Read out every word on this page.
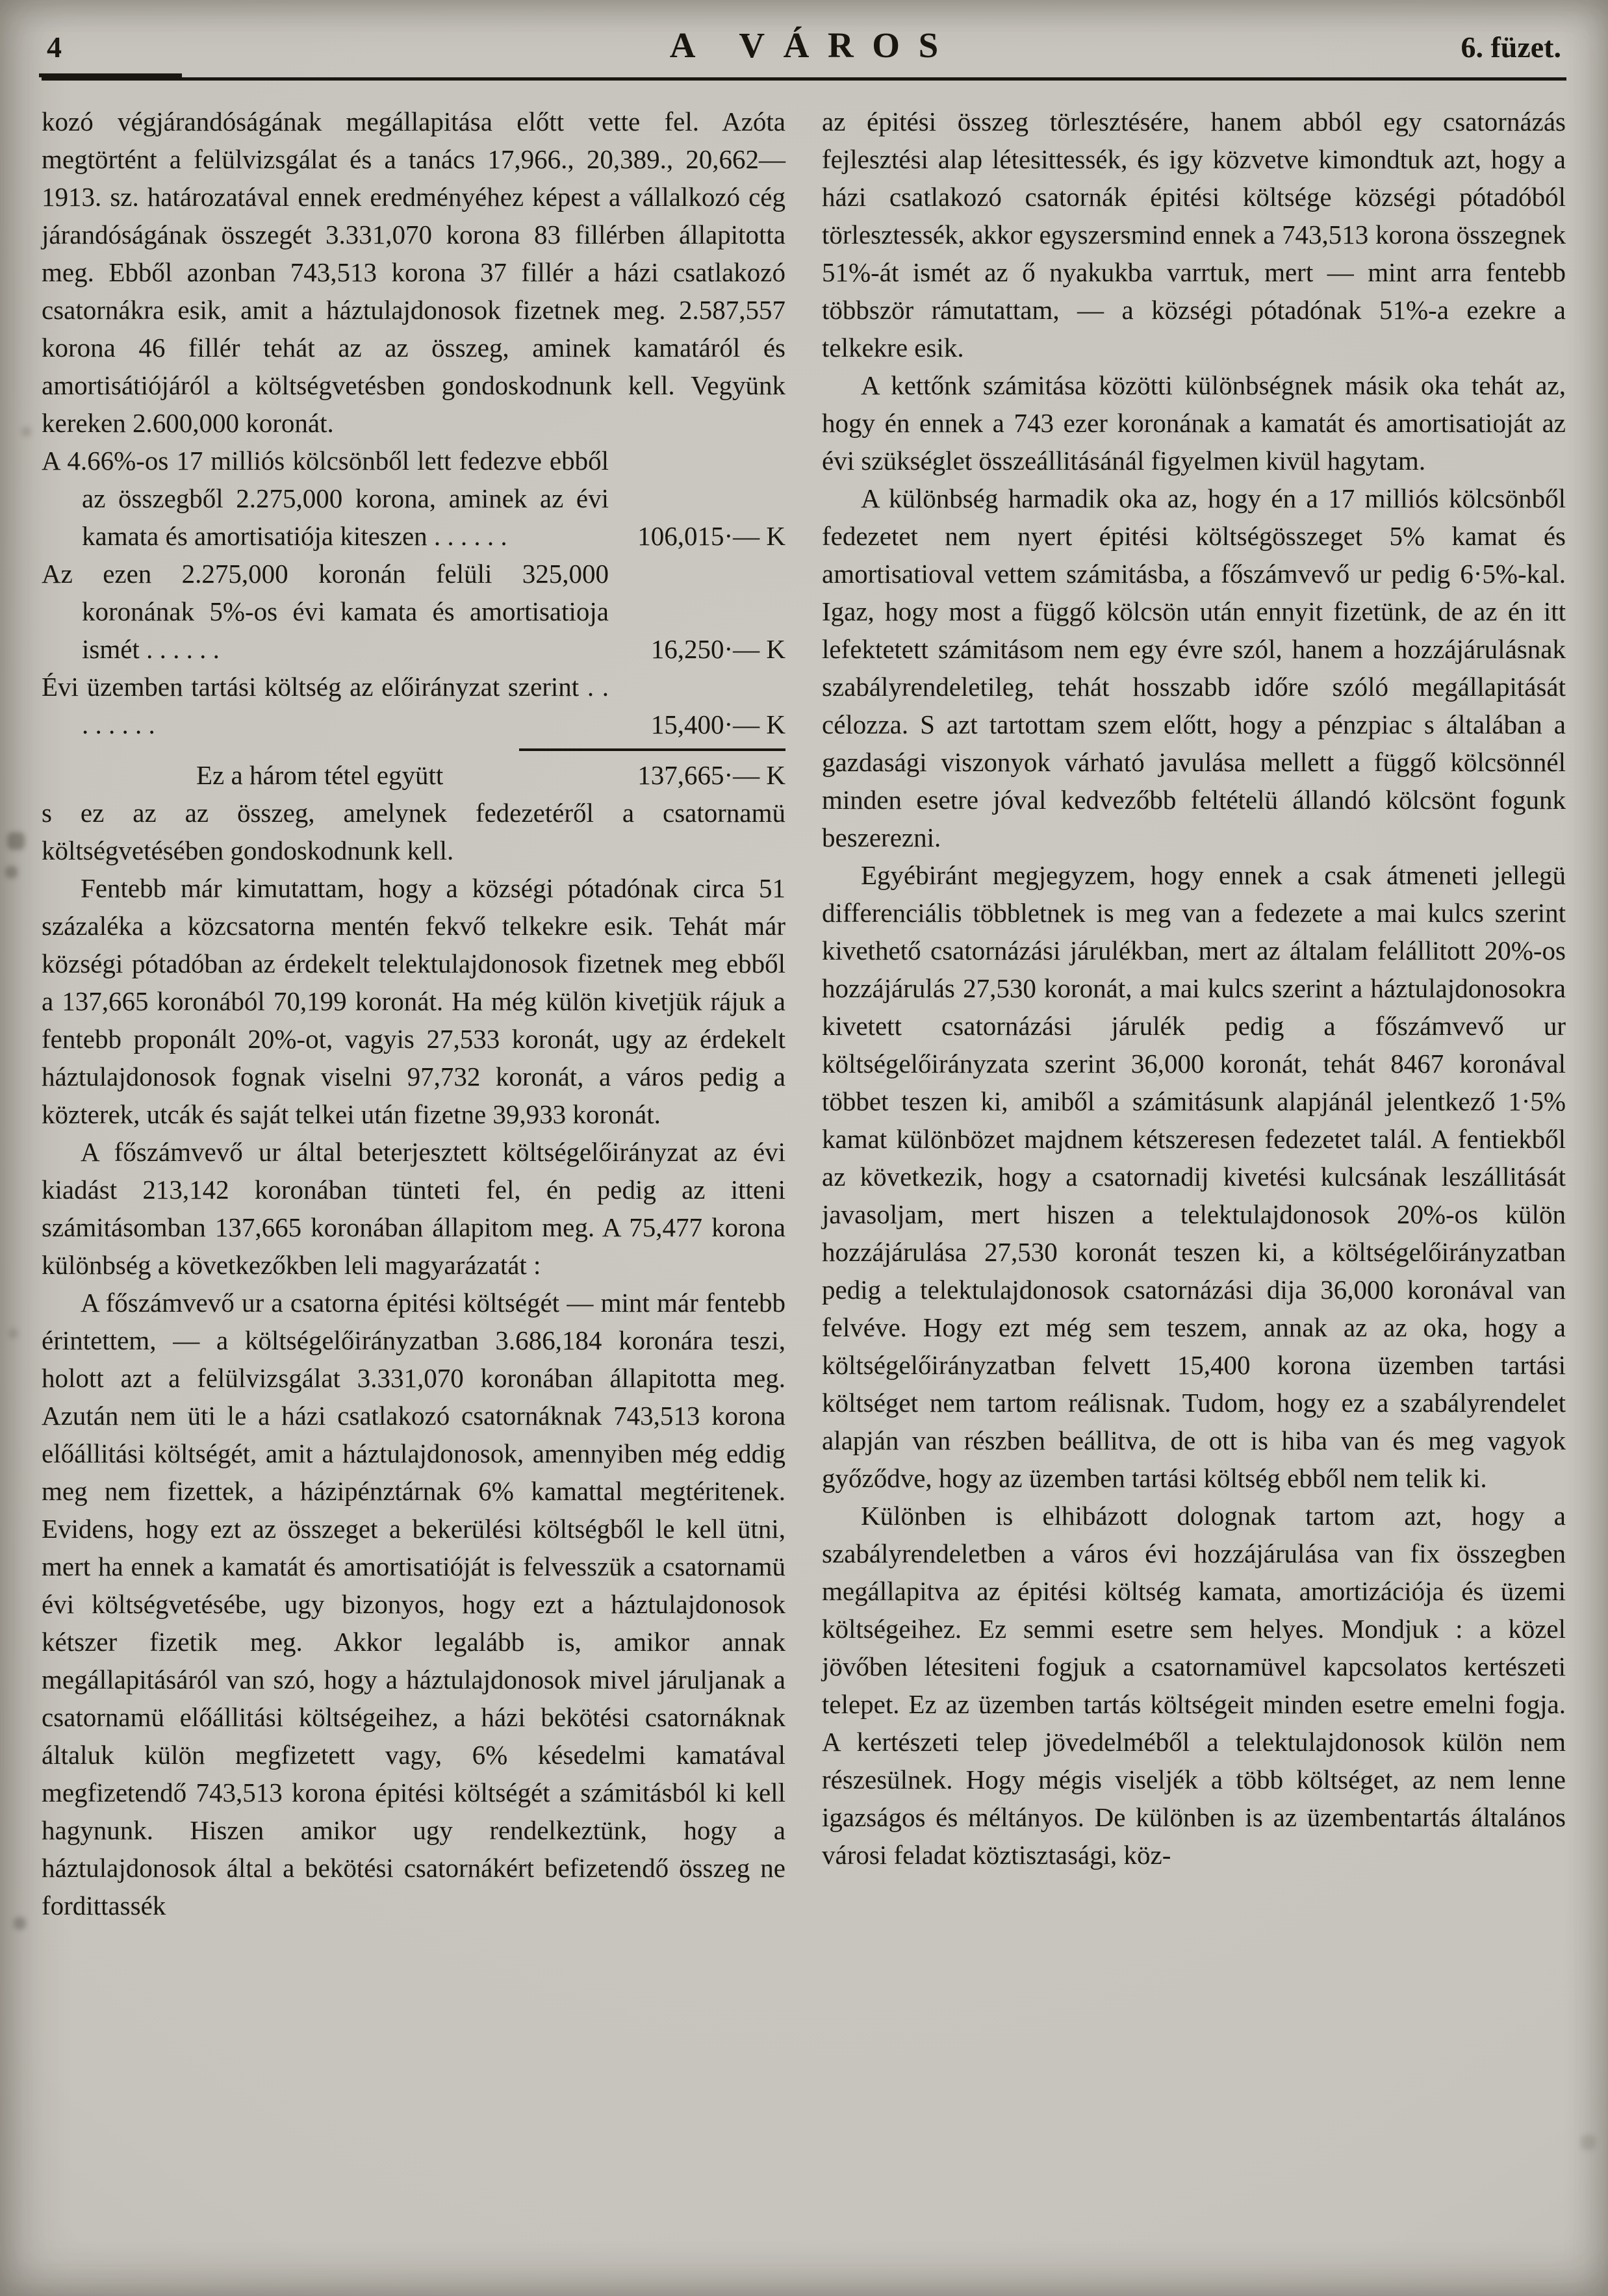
4	A VÁROS	6. füzet.

kozó végjárandóságának megállapitása előtt vette fel. Azóta megtörtént a felülvizsgálat és a tanács 17,966., 20,389., 20,662—1913. sz. határozatával ennek eredményéhez képest a vállalkozó cég járandóságának összegét 3.331,070 korona 83 fillérben állapitotta meg. Ebből azonban 743,513 korona 37 fillér a házi csatlakozó csatornákra esik, amit a háztulajdonosok fizetnek meg. 2.587,557 korona 46 fillér tehát az az összeg, aminek kamatáról és amortisátiójáról a költségvetésben gondoskodnunk kell. Vegyünk kereken 2.600,000 koronát.

A 4.66%-os 17 milliós kölcsönből lett fedezve ebből az összegből 2.275,000 korona, aminek az évi kamata és amortisatiója kiteszen . . . . . .	106,015·— K

Az ezen 2.275,000 koronán felüli 325,000 koronának 5%-os évi kamata és amortisatioja ismét . . . . . .	16,250·— K

Évi üzemben tartási költség az előirányzat szerint . . . . . . . .	15,400·— K

Ez a három tétel együtt	137,665·— K

s ez az az összeg, amelynek fedezetéről a csatornamü költségvetésében gondoskodnunk kell.

Fentebb már kimutattam, hogy a községi pótadónak circa 51 százaléka a közcsatorna mentén fekvő telkekre esik. Tehát már községi pótadóban az érdekelt telektulajdonosok fizetnek meg ebből a 137,665 koronából 70,199 koronát. Ha még külön kivetjük rájuk a fentebb proponált 20%-ot, vagyis 27,533 koronát, ugy az érdekelt háztulajdonosok fognak viselni 97,732 koronát, a város pedig a közterek, utcák és saját telkei után fizetne 39,933 koronát.

A főszámvevő ur által beterjesztett költségelőirányzat az évi kiadást 213,142 koronában tünteti fel, én pedig az itteni számitásomban 137,665 koronában állapitom meg. A 75,477 korona különbség a következőkben leli magyarázatát :

A főszámvevő ur a csatorna épitési költségét — mint már fentebb érintettem, — a költségelőirányzatban 3.686,184 koronára teszi, holott azt a felülvizsgálat 3.331,070 koronában állapitotta meg. Azután nem üti le a házi csatlakozó csatornáknak 743,513 korona előállitási költségét, amit a háztulajdonosok, amennyiben még eddig meg nem fizettek, a házipénztárnak 6% kamattal megtéritenek. Evidens, hogy ezt az összeget a bekerülési költségből le kell ütni, mert ha ennek a kamatát és amortisatióját is felvesszük a csatornamü évi költségvetésébe, ugy bizonyos, hogy ezt a háztulajdonosok kétszer fizetik meg. Akkor legalább is, amikor annak megállapitásáról van szó, hogy a háztulajdonosok mivel járuljanak a csatornamü előállitási költségeihez, a házi bekötési csatornáknak általuk külön megfizetett vagy, 6% késedelmi kamatával megfizetendő 743,513 korona épitési költségét a számitásból ki kell hagynunk. Hiszen amikor ugy rendelkeztünk, hogy a háztulajdonosok által a bekötési csatornákért befizetendő összeg ne fordittassék

az épitési összeg törlesztésére, hanem abból egy csatornázás fejlesztési alap létesittessék, és igy közvetve kimondtuk azt, hogy a házi csatlakozó csatornák épitési költsége községi pótadóból törlesztessék, akkor egyszersmind ennek a 743,513 korona összegnek 51%-át ismét az ő nyakukba varrtuk, mert — mint arra fentebb többször rámutattam, — a községi pótadónak 51%-a ezekre a telkekre esik.

A kettőnk számitása közötti különbségnek másik oka tehát az, hogy én ennek a 743 ezer koronának a kamatát és amortisatioját az évi szükséglet összeállitásánál figyelmen kivül hagytam.

A különbség harmadik oka az, hogy én a 17 milliós kölcsönből fedezetet nem nyert épitési költségösszeget 5% kamat és amortisatioval vettem számitásba, a főszámvevő ur pedig 6·5%-kal. Igaz, hogy most a függő kölcsön után ennyit fizetünk, de az én itt lefektetett számitásom nem egy évre szól, hanem a hozzájárulásnak szabályrendeletileg, tehát hosszabb időre szóló megállapitását célozza. S azt tartottam szem előtt, hogy a pénzpiac s általában a gazdasági viszonyok várható javulása mellett a függő kölcsönnél minden esetre jóval kedvezőbb feltételü állandó kölcsönt fogunk beszerezni.

Egyébiránt megjegyzem, hogy ennek a csak átmeneti jellegü differenciális többletnek is meg van a fedezete a mai kulcs szerint kivethető csatornázási járulékban, mert az általam felállitott 20%-os hozzájárulás 27,530 koronát, a mai kulcs szerint a háztulajdonosokra kivetett csatornázási járulék pedig a főszámvevő ur költségelőirányzata szerint 36,000 koronát, tehát 8467 koronával többet teszen ki, amiből a számitásunk alapjánál jelentkező 1·5% kamat különbözet majdnem kétszeresen fedezetet talál. A fentiekből az következik, hogy a csatornadij kivetési kulcsának leszállitását javasoljam, mert hiszen a telektulajdonosok 20%-os külön hozzájárulása 27,530 koronát teszen ki, a költségelőirányzatban pedig a telektulajdonosok csatornázási dija 36,000 koronával van felvéve. Hogy ezt még sem teszem, annak az az oka, hogy a költségelőirányzatban felvett 15,400 korona üzemben tartási költséget nem tartom reálisnak. Tudom, hogy ez a szabályrendelet alapján van részben beállitva, de ott is hiba van és meg vagyok győződve, hogy az üzemben tartási költség ebből nem telik ki.

Különben is elhibázott dolognak tartom azt, hogy a szabályrendeletben a város évi hozzájárulása van fix összegben megállapitva az épitési költség kamata, amortizációja és üzemi költségeihez. Ez semmi esetre sem helyes. Mondjuk : a közel jövőben létesiteni fogjuk a csatornamüvel kapcsolatos kertészeti telepet. Ez az üzemben tartás költségeit minden esetre emelni fogja. A kertészeti telep jövedelméből a telektulajdonosok külön nem részesülnek. Hogy mégis viseljék a több költséget, az nem lenne igazságos és méltányos. De különben is az üzembentartás általános városi feladat köztisztasági, köz-
